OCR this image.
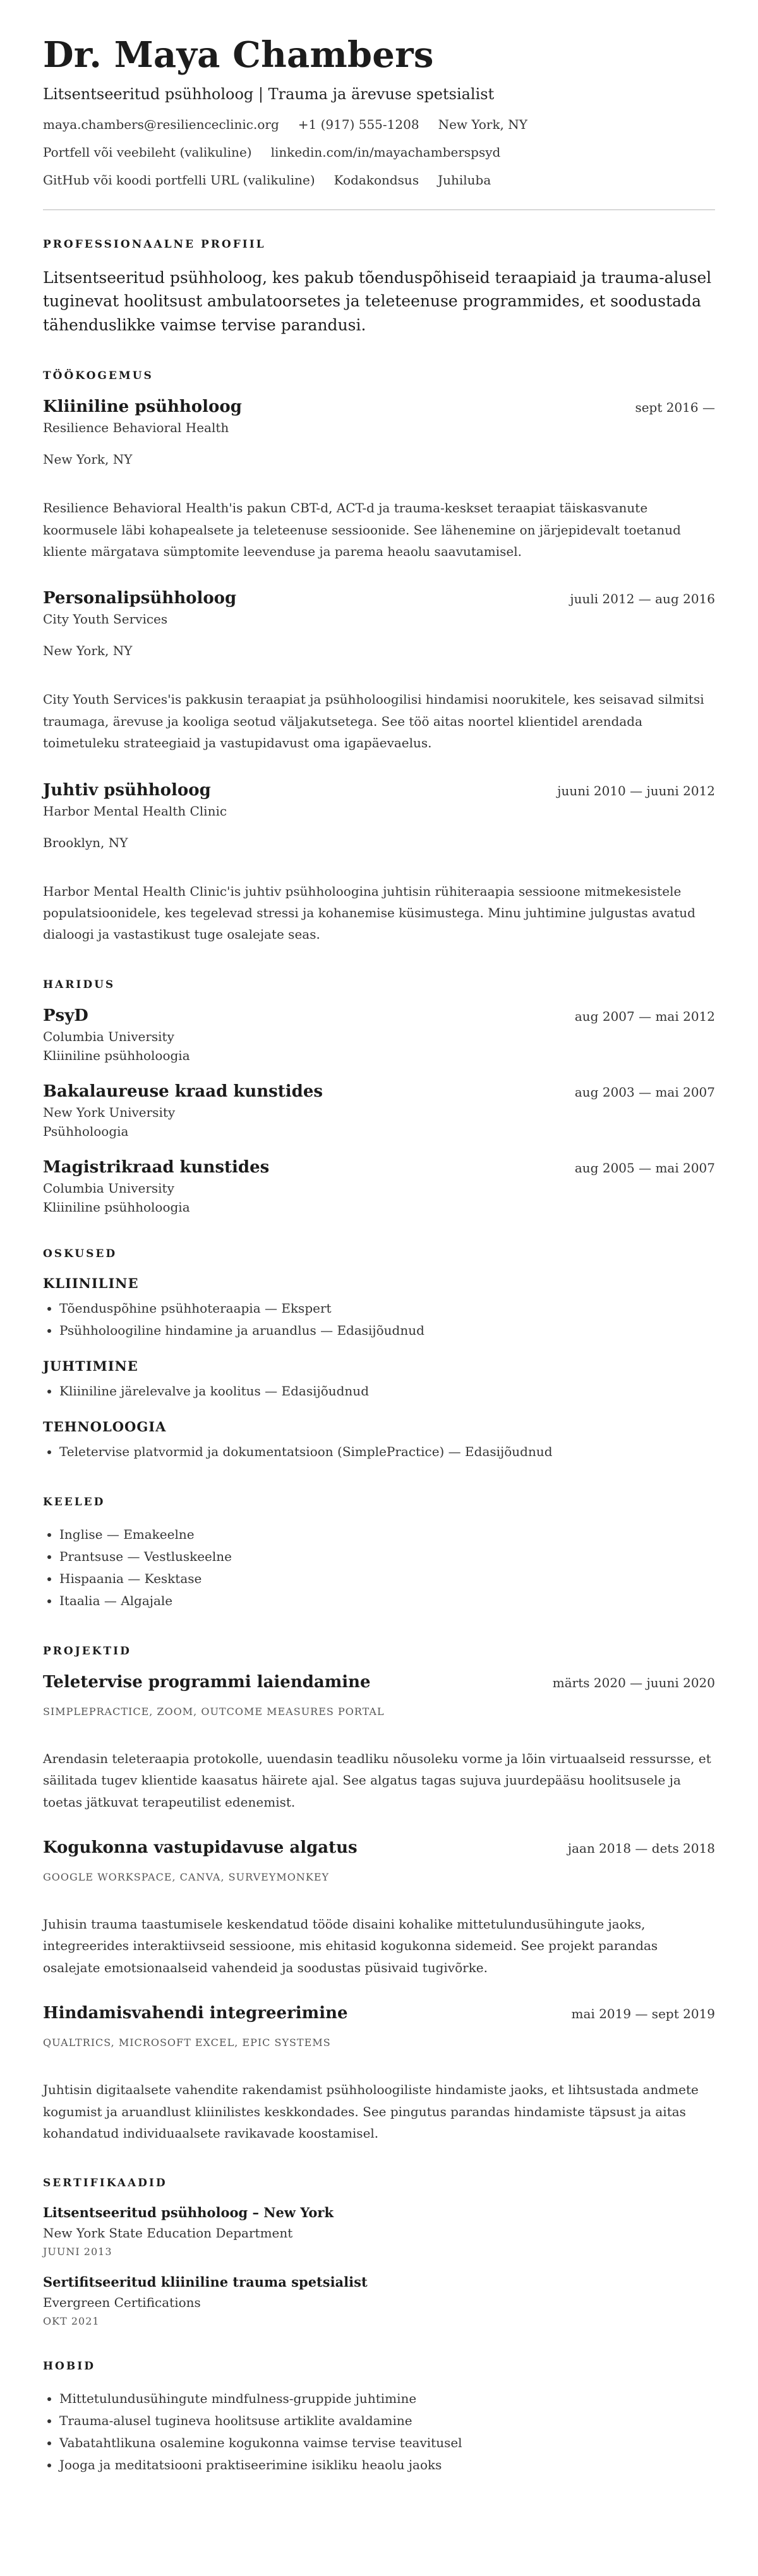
Dr. Maya Chambers
Litsentseeritud psühholoog | Trauma ja ärevuse spetsialist
maya.chambers@resilienceclinic.org +1 (917) 555-1208 New York, NY
Portfell või veebileht (valikuline) linkedin.com/in/mayachamberspsyd
GitHub või koodi portfelli URL (valikuline) Kodakondsus Juhiluba
PROFESSIONAALNE PROFIIL
Litsentseeritud psühholoog, kes pakub tõenduspõhiseid teraapiaid ja trauma-alusel tuginevat hoolitsust ambulatoorsetes ja teleteenuse programmides, et soodustada tähenduslikke vaimse tervise parandusi.
TÖÖKOGEMUS
Kliiniline psühholoog	sept 2016 —
Resilience Behavioral Health
New York, NY
Resilience Behavioral Health'is pakun CBT-d, ACT-d ja trauma-keskset teraapiat täiskasvanute koormusele läbi kohapealsete ja teleteenuse sessioonide. See lähenemine on järjepidevalt toetanud kliente märgatava sümptomite leevenduse ja parema heaolu saavutamisel.
Personalipsühholoog	juuli 2012 — aug 2016
City Youth Services
New York, NY
City Youth Services'is pakkusin teraapiat ja psühholoogilisi hindamisi noorukitele, kes seisavad silmitsi traumaga, ärevuse ja kooliga seotud väljakutsetega. See töö aitas noortel klientidel arendada toimetuleku strateegiaid ja vastupidavust oma igapäevaelus.
Juhtiv psühholoog	juuni 2010 — juuni 2012
Harbor Mental Health Clinic
Brooklyn, NY
Harbor Mental Health Clinic'is juhtiv psühholoogina juhtisin rühiteraapia sessioone mitmekesistele populatsioonidele, kes tegelevad stressi ja kohanemise küsimustega. Minu juhtimine julgustas avatud dialoogi ja vastastikust tuge osalejate seas.
HARIDUS
PsyD	aug 2007 — mai 2012
Columbia University
Kliiniline psühholoogia
Bakalaureuse kraad kunstides	aug 2003 — mai 2007
New York University
Psühholoogia
Magistrikraad kunstides	aug 2005 — mai 2007
Columbia University
Kliiniline psühholoogia
OSKUSED
KLIINILINE
• Tõenduspõhine psühhoteraapia — Ekspert
• Psühholoogiline hindamine ja aruandlus — Edasijõudnud
JUHTIMINE
• Kliiniline järelevalve ja koolitus — Edasijõudnud
TEHNOLOOGIA
• Teletervise platvormid ja dokumentatsioon (SimplePractice) — Edasijõudnud
KEELED
• Inglise — Emakeelne
• Prantsuse — Vestluskeelne
• Hispaania — Kesktase
• Itaalia — Algajale
PROJEKTID
Teletervise programmi laiendamine	märts 2020 — juuni 2020
SIMPLEPRACTICE, ZOOM, OUTCOME MEASURES PORTAL
Arendasin teleteraapia protokolle, uuendasin teadliku nõusoleku vorme ja lõin virtuaalseid ressursse, et säilitada tugev klientide kaasatus häirete ajal. See algatus tagas sujuva juurdepääsu hoolitsusele ja toetas jätkuvat terapeutilist edenemist.
Kogukonna vastupidavuse algatus	jaan 2018 — dets 2018
GOOGLE WORKSPACE, CANVA, SURVEYMONKEY
Juhisin trauma taastumisele keskendatud tööde disaini kohalike mittetulundusühingute jaoks, integreerides interaktiivseid sessioone, mis ehitasid kogukonna sidemeid. See projekt parandas osalejate emotsionaalseid vahendeid ja soodustas püsivaid tugivõrke.
Hindamisvahendi integreerimine	mai 2019 — sept 2019
QUALTRICS, MICROSOFT EXCEL, EPIC SYSTEMS
Juhtisin digitaalsete vahendite rakendamist psühholoogiliste hindamiste jaoks, et lihtsustada andmete kogumist ja aruandlust kliinilistes keskkondades. See pingutus parandas hindamiste täpsust ja aitas kohandatud individuaalsete ravikavade koostamisel.
SERTIFIKAADID
Litsentseeritud psühholoog – New York
New York State Education Department
JUUNI 2013
Sertifitseeritud kliiniline trauma spetsialist
Evergreen Certifications
OKT 2021
HOBID
• Mittetulundusühingute mindfulness-gruppide juhtimine
• Trauma-alusel tugineva hoolitsuse artiklite avaldamine
• Vabatahtlikuna osalemine kogukonna vaimse tervise teavitusel
• Jooga ja meditatsiooni praktiseerimine isikliku heaolu jaoks
